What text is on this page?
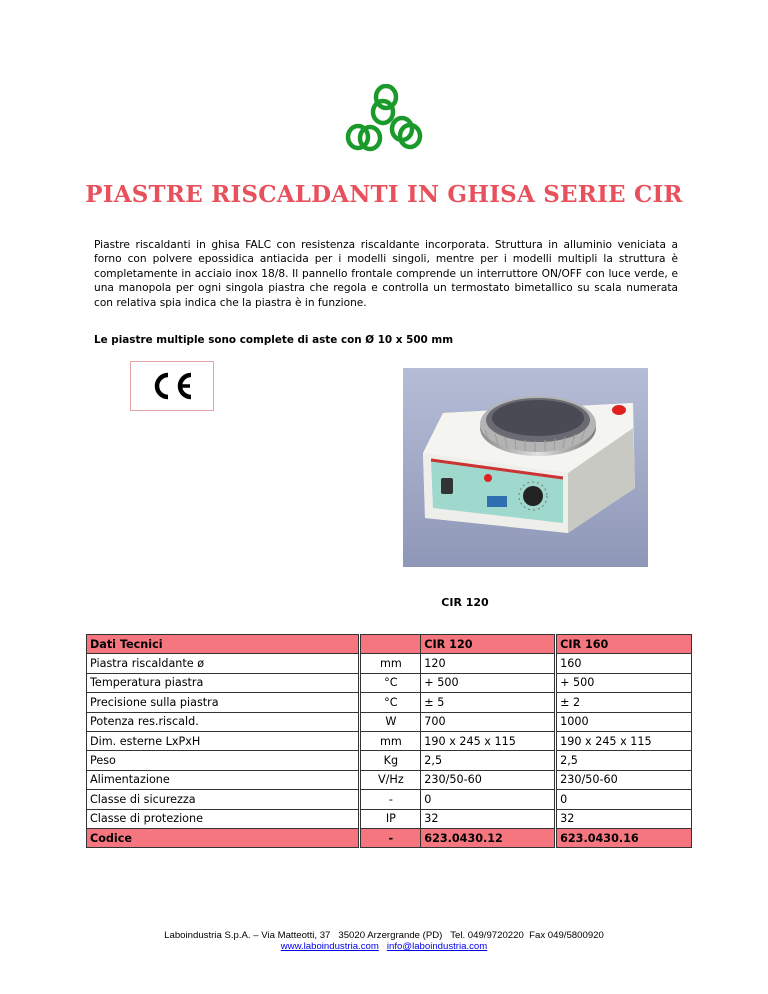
PIASTRE RISCALDANTI IN GHISA SERIE CIR
Piastre riscaldanti in ghisa FALC con resistenza riscaldante incorporata. Struttura in alluminio veniciata a forno con polvere epossidica antiacida per i modelli singoli, mentre per i modelli multipli la struttura è completamente in acciaio inox 18/8. Il pannello frontale comprende un interruttore ON/OFF con luce verde, e una manopola per ogni singola piastra che regola e controlla un termostato bimetallico su scala numerata con relativa spia indica che la piastra è in funzione.
Le piastre multiple sono complete di aste con Ø 10 x 500 mm
CIR 120
Dati Tecnici			CIR 120		CIR 160
Piastra riscaldante ø		mm	120		160
Temperatura piastra		°C	+ 500		+ 500
Precisione sulla piastra		°C	± 5		± 2
Potenza res.riscald.		W	700		1000
Dim. esterne LxPxH		mm	190 x 245 x 115		190 x 245 x 115
Peso		Kg	2,5		2,5
Alimentazione		V/Hz	230/50-60		230/50-60
Classe di sicurezza		-	0		0
Classe di protezione		IP	32		32
Codice		-	623.0430.12		623.0430.16
Laboindustria S.p.A. – Via Matteotti, 37   35020 Arzergrande (PD)   Tel. 049/9720220  Fax 049/5800920
www.laboindustria.com info@laboindustria.com
